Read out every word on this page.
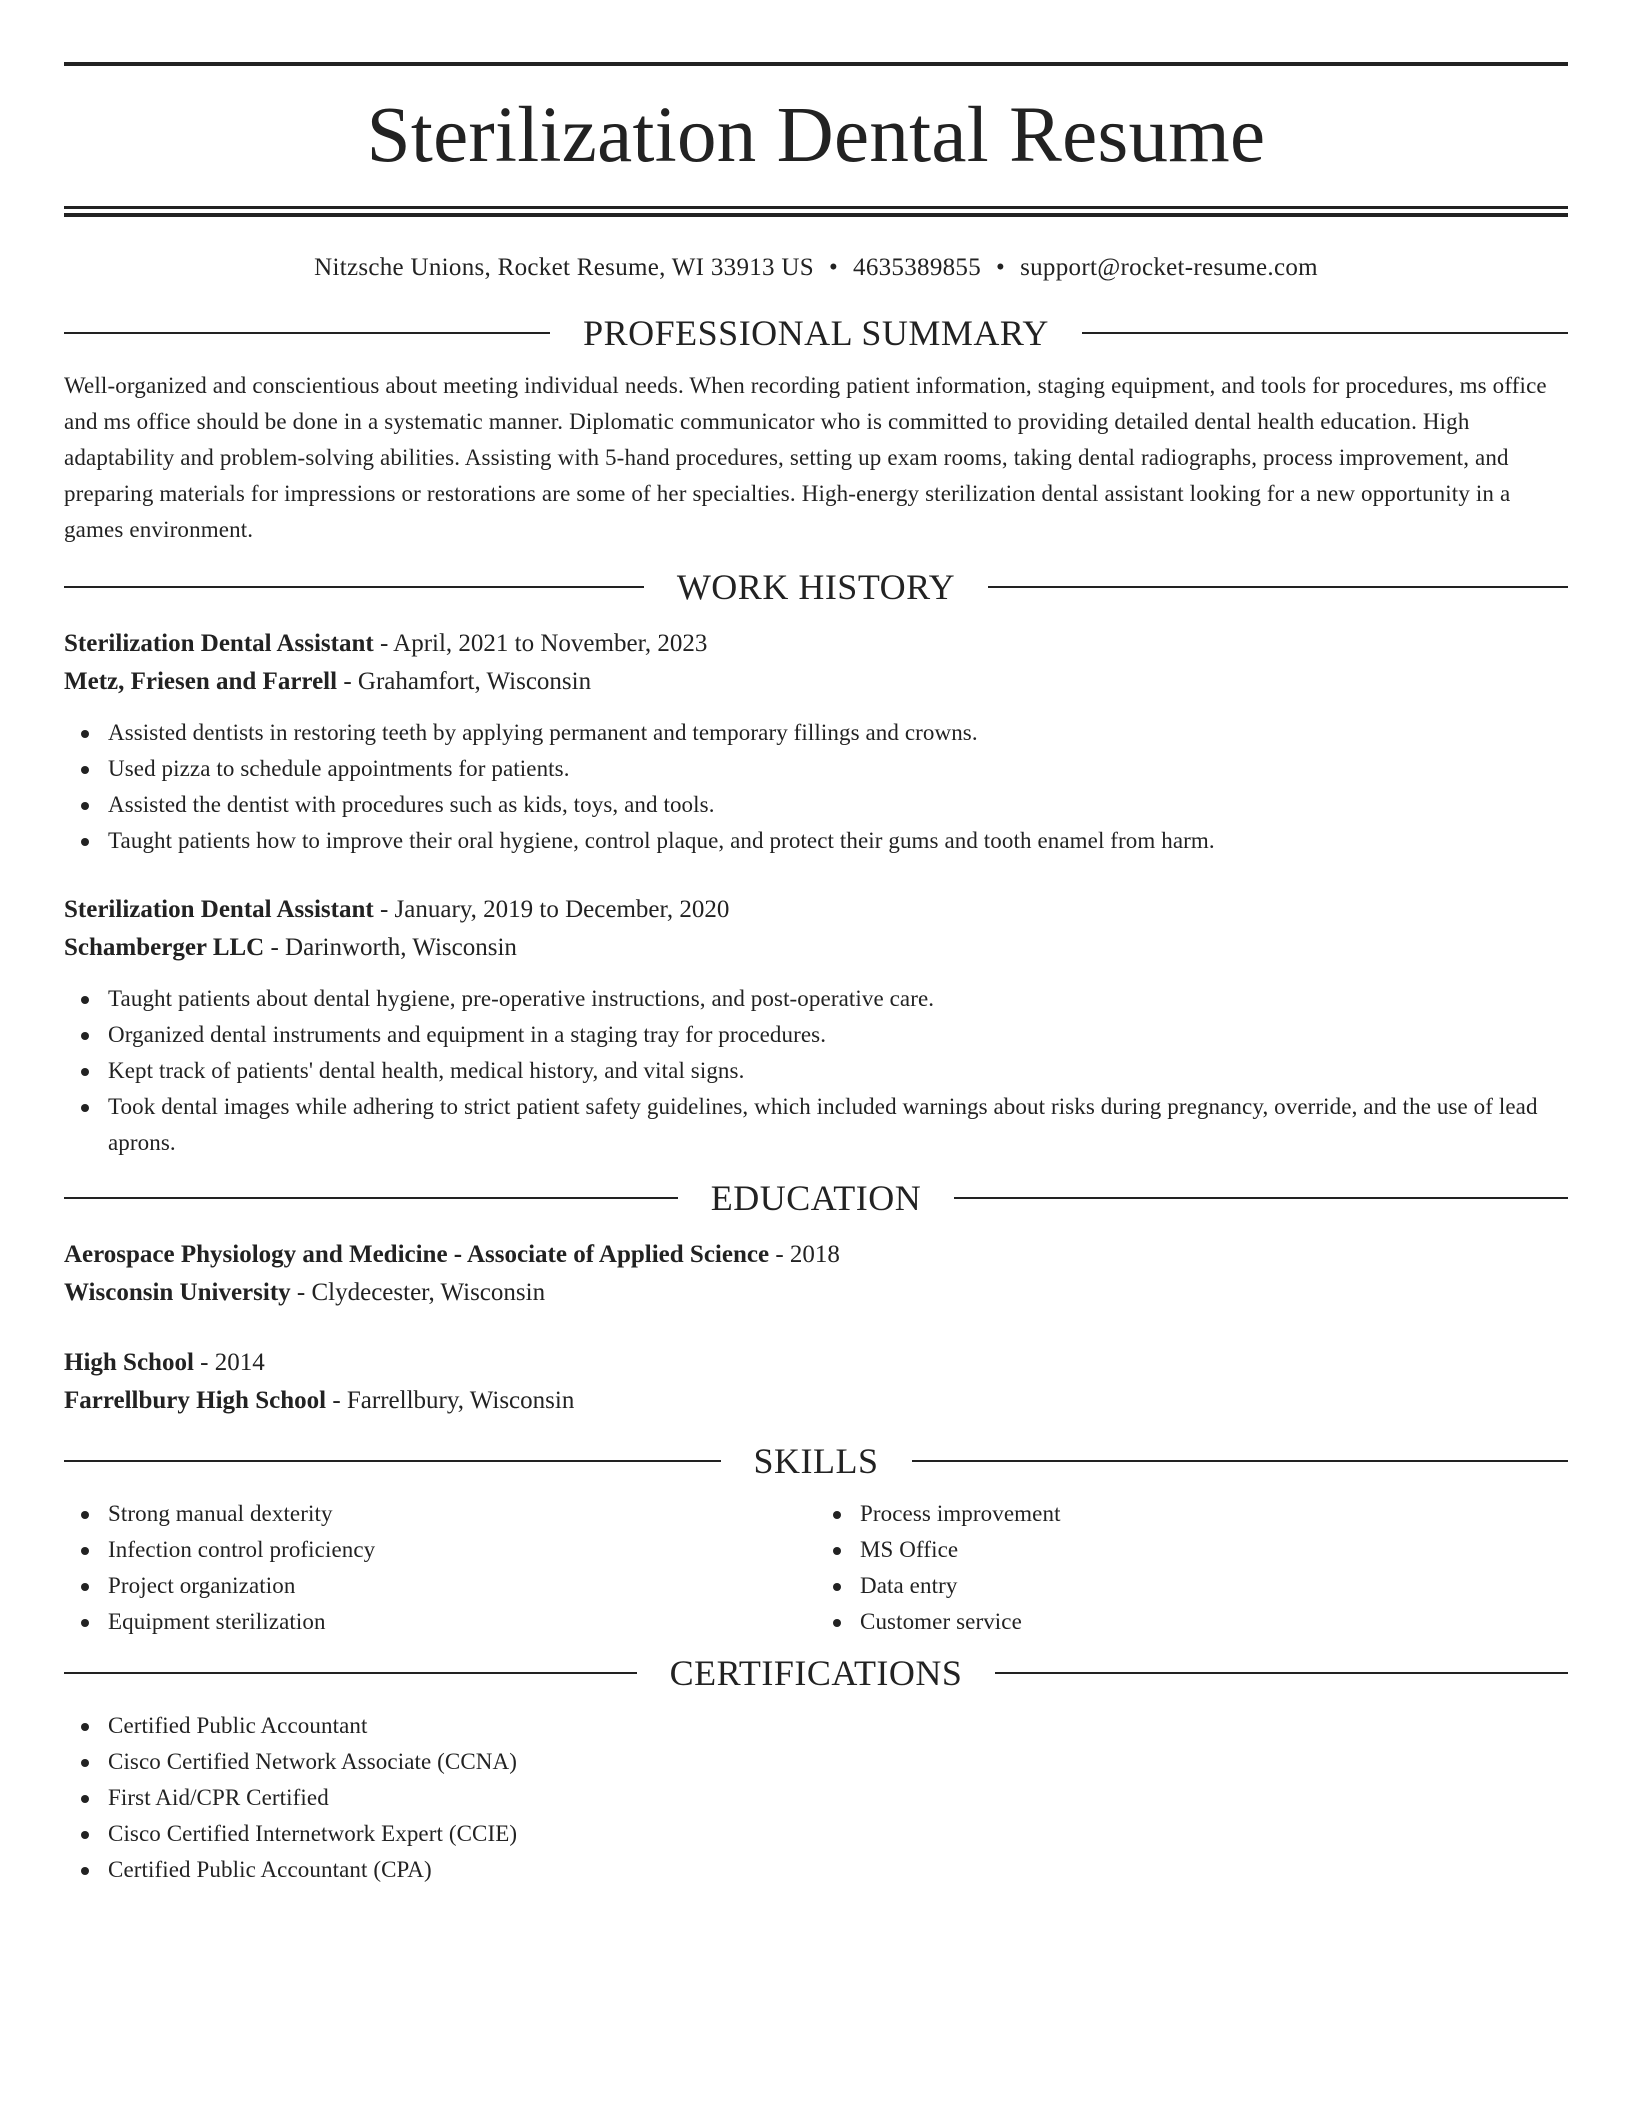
Sterilization Dental Resume
Nitzsche Unions, Rocket Resume, WI 33913 US • 4635389855 • support@rocket-resume.com
PROFESSIONAL SUMMARY

Well-organized and conscientious about meeting individual needs. When recording patient information, staging equipment, and tools for procedures, ms office and ms office should be done in a systematic manner. Diplomatic communicator who is committed to providing detailed dental health education. High adaptability and problem-solving abilities. Assisting with 5-hand procedures, setting up exam rooms, taking dental radiographs, process improvement, and preparing materials for impressions or restorations are some of her specialties. High-energy sterilization dental assistant looking for a new opportunity in a games environment.

WORK HISTORY
Sterilization Dental Assistant - April, 2021 to November, 2023
Metz, Friesen and Farrell - Grahamfort, Wisconsin
Assisted dentists in restoring teeth by applying permanent and temporary fillings and crowns.
Used pizza to schedule appointments for patients.
Assisted the dentist with procedures such as kids, toys, and tools.
Taught patients how to improve their oral hygiene, control plaque, and protect their gums and tooth enamel from harm.
Sterilization Dental Assistant - January, 2019 to December, 2020
Schamberger LLC - Darinworth, Wisconsin
Taught patients about dental hygiene, pre-operative instructions, and post-operative care.
Organized dental instruments and equipment in a staging tray for procedures.
Kept track of patients' dental health, medical history, and vital signs.
Took dental images while adhering to strict patient safety guidelines, which included warnings about risks during pregnancy, override, and the use of lead aprons.
EDUCATION
Aerospace Physiology and Medicine - Associate of Applied Science - 2018
Wisconsin University - Clydecester, Wisconsin
High School - 2014
Farrellbury High School - Farrellbury, Wisconsin
SKILLS
Strong manual dexterity
Infection control proficiency
Project organization
Equipment sterilization
Process improvement
MS Office
Data entry
Customer service
CERTIFICATIONS
Certified Public Accountant
Cisco Certified Network Associate (CCNA)
First Aid/CPR Certified
Cisco Certified Internetwork Expert (CCIE)
Certified Public Accountant (CPA)
